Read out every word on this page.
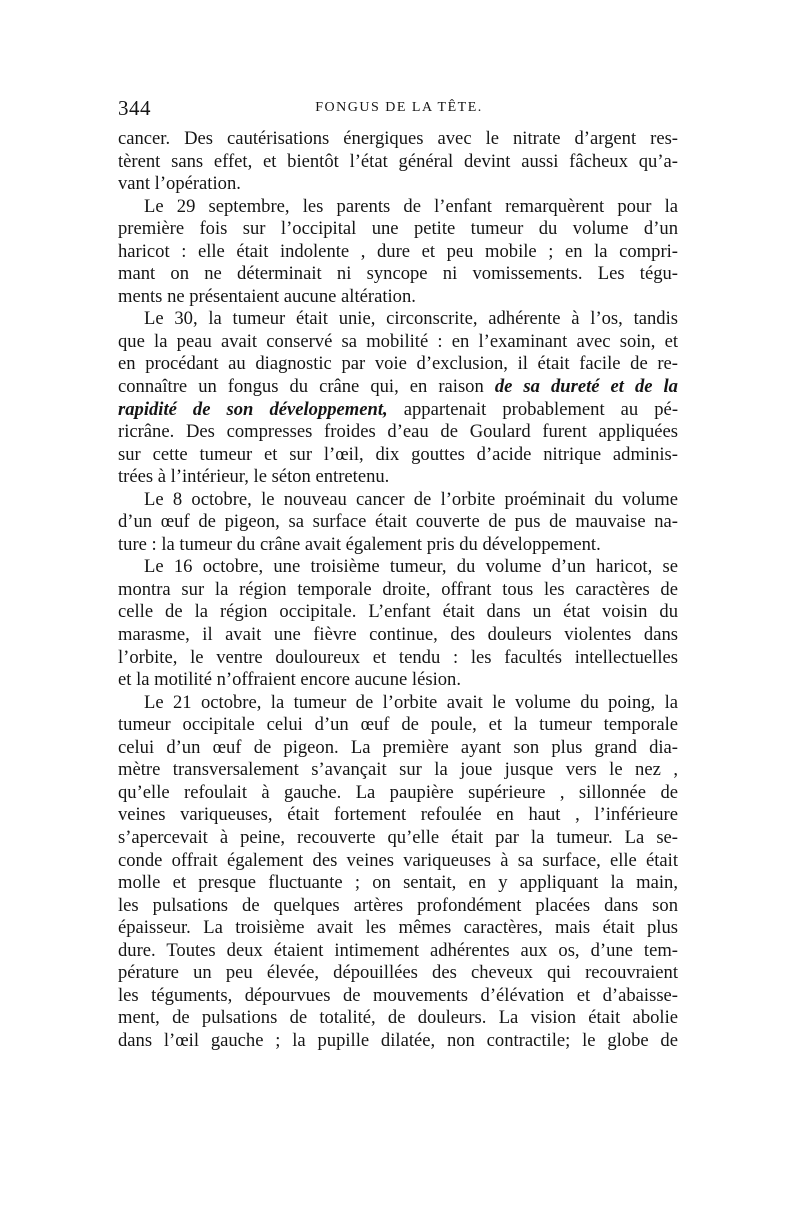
344	FONGUS DE LA TÊTE.
cancer. Des cautérisations énergiques avec le nitrate d’argent res-
tèrent sans effet, et bientôt l’état général devint aussi fâcheux qu’a-
vant l’opération.
Le 29 septembre, les parents de l’enfant remarquèrent pour la
première fois sur l’occipital une petite tumeur du volume d’un
haricot : elle était indolente , dure et peu mobile ; en la compri-
mant on ne déterminait ni syncope ni vomissements. Les tégu-
ments ne présentaient aucune altération.
Le 30, la tumeur était unie, circonscrite, adhérente à l’os, tandis
que la peau avait conservé sa mobilité : en l’examinant avec soin, et
en procédant au diagnostic par voie d’exclusion, il était facile de re-
connaître un fongus du crâne qui, en raison de sa dureté et de la
rapidité de son développement, appartenait probablement au pé-
ricrâne. Des compresses froides d’eau de Goulard furent appliquées
sur cette tumeur et sur l’œil, dix gouttes d’acide nitrique adminis-
trées à l’intérieur, le séton entretenu.
Le 8 octobre, le nouveau cancer de l’orbite proéminait du volume
d’un œuf de pigeon, sa surface était couverte de pus de mauvaise na-
ture : la tumeur du crâne avait également pris du développement.
Le 16 octobre, une troisième tumeur, du volume d’un haricot, se
montra sur la région temporale droite, offrant tous les caractères de
celle de la région occipitale. L’enfant était dans un état voisin du
marasme, il avait une fièvre continue, des douleurs violentes dans
l’orbite, le ventre douloureux et tendu : les facultés intellectuelles
et la motilité n’offraient encore aucune lésion.
Le 21 octobre, la tumeur de l’orbite avait le volume du poing, la
tumeur occipitale celui d’un œuf de poule, et la tumeur temporale
celui d’un œuf de pigeon. La première ayant son plus grand dia-
mètre transversalement s’avançait sur la joue jusque vers le nez ,
qu’elle refoulait à gauche. La paupière supérieure , sillonnée de
veines variqueuses, était fortement refoulée en haut , l’inférieure
s’apercevait à peine, recouverte qu’elle était par la tumeur. La se-
conde offrait également des veines variqueuses à sa surface, elle était
molle et presque fluctuante ; on sentait, en y appliquant la main,
les pulsations de quelques artères profondément placées dans son
épaisseur. La troisième avait les mêmes caractères, mais était plus
dure. Toutes deux étaient intimement adhérentes aux os, d’une tem-
pérature un peu élevée, dépouillées des cheveux qui recouvraient
les téguments, dépourvues de mouvements d’élévation et d’abaisse-
ment, de pulsations de totalité, de douleurs. La vision était abolie
dans l’œil gauche ; la pupille dilatée, non contractile; le globe de
